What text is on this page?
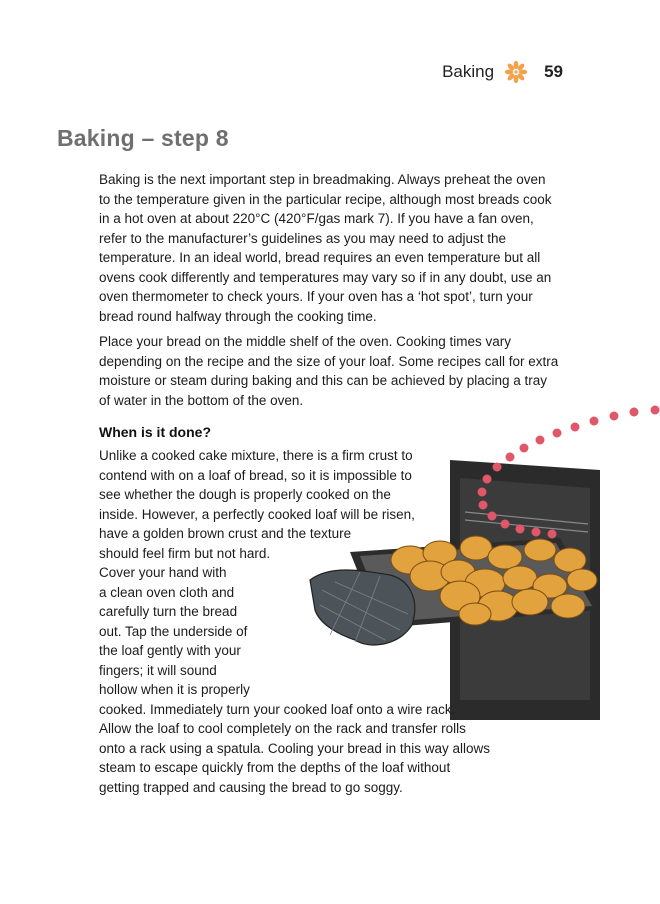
Baking	59
Baking – step 8

Baking is the next important step in breadmaking. Always preheat the oven to the temperature given in the particular recipe, although most breads cook in a hot oven at about 220°C (420°F/gas mark 7). If you have a fan oven, refer to the manufacturer’s guidelines as you may need to adjust the temperature. In an ideal world, bread requires an even temperature but all ovens cook differently and temperatures may vary so if in any doubt, use an oven thermometer to check yours. If your oven has a ‘hot spot’, turn your bread round halfway through the cooking time.

Place your bread on the middle shelf of the oven. Cooking times vary depending on the recipe and the size of your loaf. Some recipes call for extra moisture or steam during baking and this can be achieved by placing a tray of water in the bottom of the oven.

When is it done?

Unlike a cooked cake mixture, there is a firm crust to

contend with on a loaf of bread, so it is impossible to

see whether the dough is properly cooked on the

inside. However, a perfectly cooked loaf will be risen,

have a golden brown crust and the texture

should feel firm but not hard.

Cover your hand with

a clean oven cloth and

carefully turn the bread

out. Tap the underside of

the loaf gently with your

fingers; it will sound

hollow when it is properly

cooked. Immediately turn your cooked loaf onto a wire rack.

Allow the loaf to cool completely on the rack and transfer rolls

onto a rack using a spatula. Cooling your bread in this way allows

steam to escape quickly from the depths of the loaf without

getting trapped and causing the bread to go soggy.
